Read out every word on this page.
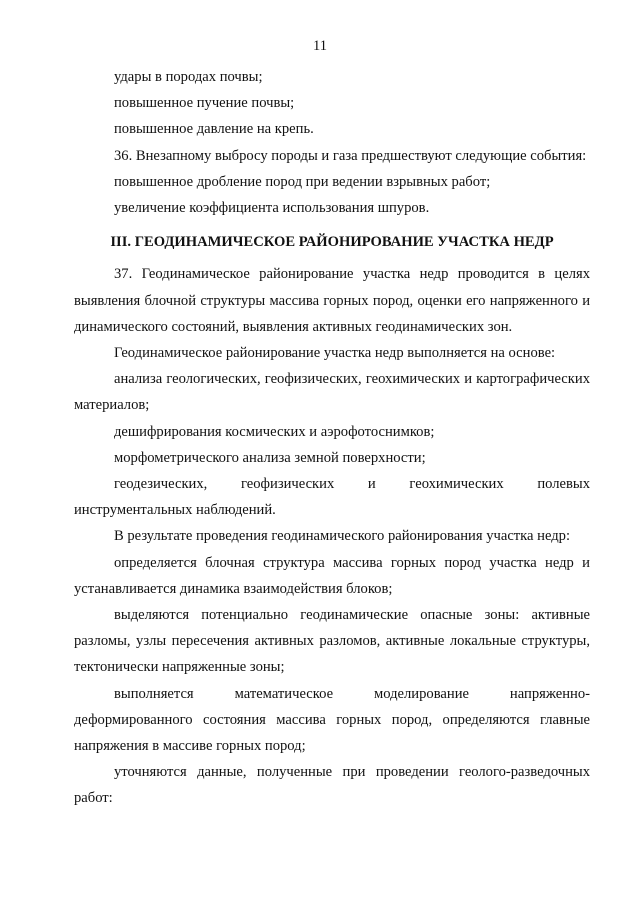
11

удары в породах почвы;

повышенное пучение почвы;

повышенное давление на крепь.

36. Внезапному выбросу породы и газа предшествуют следующие события:

повышенное дробление пород при ведении взрывных работ;

увеличение коэффициента использования шпуров.

III. ГЕОДИНАМИЧЕСКОЕ РАЙОНИРОВАНИЕ УЧАСТКА НЕДР

37. Геодинамическое районирование участка недр проводится в целях выявления блочной структуры массива горных пород, оценки его напряженного и динамического состояний, выявления активных геодинамических зон.

Геодинамическое районирование участка недр выполняется на основе:

анализа геологических, геофизических, геохимических и картографических материалов;

дешифрирования космических и аэрофотоснимков;

морфометрического анализа земной поверхности;

геодезических, геофизических и геохимических полевых инструментальных наблюдений.

В результате проведения геодинамического районирования участка недр:

определяется блочная структура массива горных пород участка недр и устанавливается динамика взаимодействия блоков;

выделяются потенциально геодинамические опасные зоны: активные разломы, узлы пересечения активных разломов, активные локальные структуры, тектонически напряженные зоны;

выполняется математическое моделирование напряженно-деформированного состояния массива горных пород, определяются главные напряжения в массиве горных пород;

уточняются данные, полученные при проведении геолого-разведочных работ:
